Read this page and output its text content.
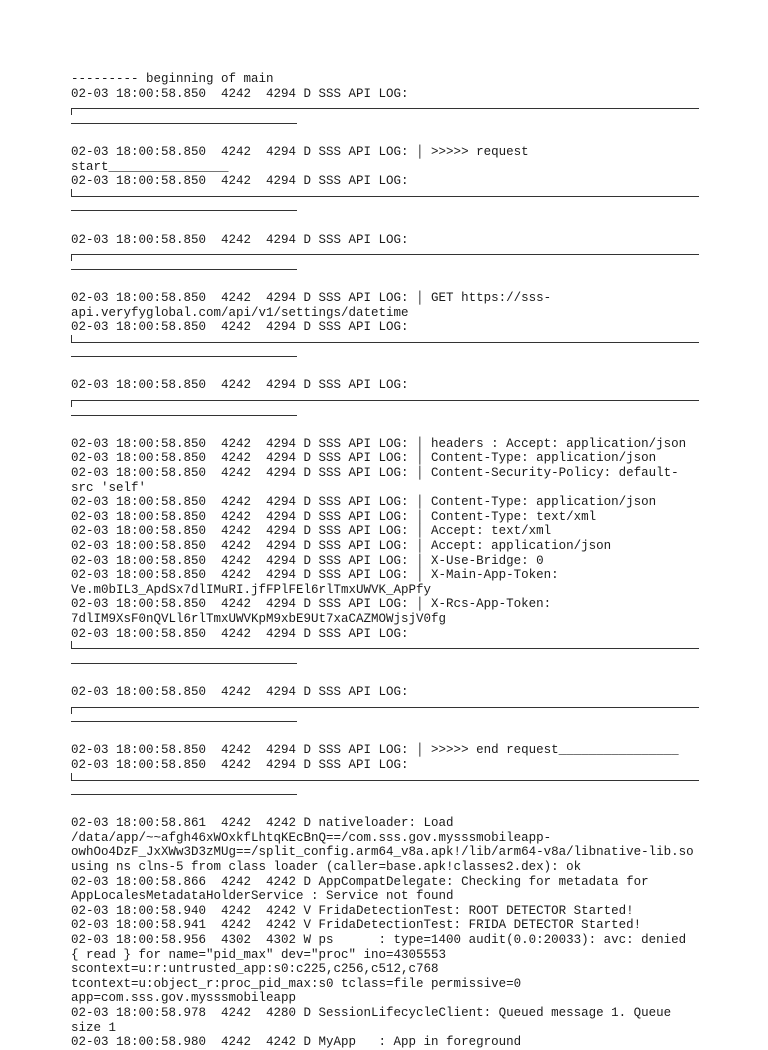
--------- beginning of main
02-03 18:00:58.850  4242  4294 D SSS API LOG:
02-03 18:00:58.850  4242  4294 D SSS API LOG: │ >>>>> request
start________________
02-03 18:00:58.850  4242  4294 D SSS API LOG:
02-03 18:00:58.850  4242  4294 D SSS API LOG:
02-03 18:00:58.850  4242  4294 D SSS API LOG: │ GET https://sss-
api.veryfyglobal.com/api/v1/settings/datetime
02-03 18:00:58.850  4242  4294 D SSS API LOG:
02-03 18:00:58.850  4242  4294 D SSS API LOG:
02-03 18:00:58.850  4242  4294 D SSS API LOG: │ headers : Accept: application/json
02-03 18:00:58.850  4242  4294 D SSS API LOG: │ Content-Type: application/json
02-03 18:00:58.850  4242  4294 D SSS API LOG: │ Content-Security-Policy: default-
src 'self'
02-03 18:00:58.850  4242  4294 D SSS API LOG: │ Content-Type: application/json
02-03 18:00:58.850  4242  4294 D SSS API LOG: │ Content-Type: text/xml
02-03 18:00:58.850  4242  4294 D SSS API LOG: │ Accept: text/xml
02-03 18:00:58.850  4242  4294 D SSS API LOG: │ Accept: application/json
02-03 18:00:58.850  4242  4294 D SSS API LOG: │ X-Use-Bridge: 0
02-03 18:00:58.850  4242  4294 D SSS API LOG: │ X-Main-App-Token:
Ve.m0bIL3_ApdSx7dlIMuRI.jfFPlFEl6rlTmxUWVK_ApPfy
02-03 18:00:58.850  4242  4294 D SSS API LOG: │ X-Rcs-App-Token:
7dlIM9XsF0nQVLl6rlTmxUWVKpM9xbE9Ut7xaCAZMOWjsjV0fg
02-03 18:00:58.850  4242  4294 D SSS API LOG:
02-03 18:00:58.850  4242  4294 D SSS API LOG:
02-03 18:00:58.850  4242  4294 D SSS API LOG: │ >>>>> end request________________
02-03 18:00:58.850  4242  4294 D SSS API LOG:
02-03 18:00:58.861  4242  4242 D nativeloader: Load
/data/app/~~afgh46xWOxkfLhtqKEcBnQ==/com.sss.gov.mysssmobileapp-
owhOo4DzF_JxXWw3D3zMUg==/split_config.arm64_v8a.apk!/lib/arm64-v8a/libnative-lib.so
using ns clns-5 from class loader (caller=base.apk!classes2.dex): ok
02-03 18:00:58.866  4242  4242 D AppCompatDelegate: Checking for metadata for
AppLocalesMetadataHolderService : Service not found
02-03 18:00:58.940  4242  4242 V FridaDetectionTest: ROOT DETECTOR Started!
02-03 18:00:58.941  4242  4242 V FridaDetectionTest: FRIDA DETECTOR Started!
02-03 18:00:58.956  4302  4302 W ps      : type=1400 audit(0.0:20033): avc: denied
{ read } for name="pid_max" dev="proc" ino=4305553
scontext=u:r:untrusted_app:s0:c225,c256,c512,c768
tcontext=u:object_r:proc_pid_max:s0 tclass=file permissive=0
app=com.sss.gov.mysssmobileapp
02-03 18:00:58.978  4242  4280 D SessionLifecycleClient: Queued message 1. Queue
size 1
02-03 18:00:58.980  4242  4242 D MyApp   : App in foreground
